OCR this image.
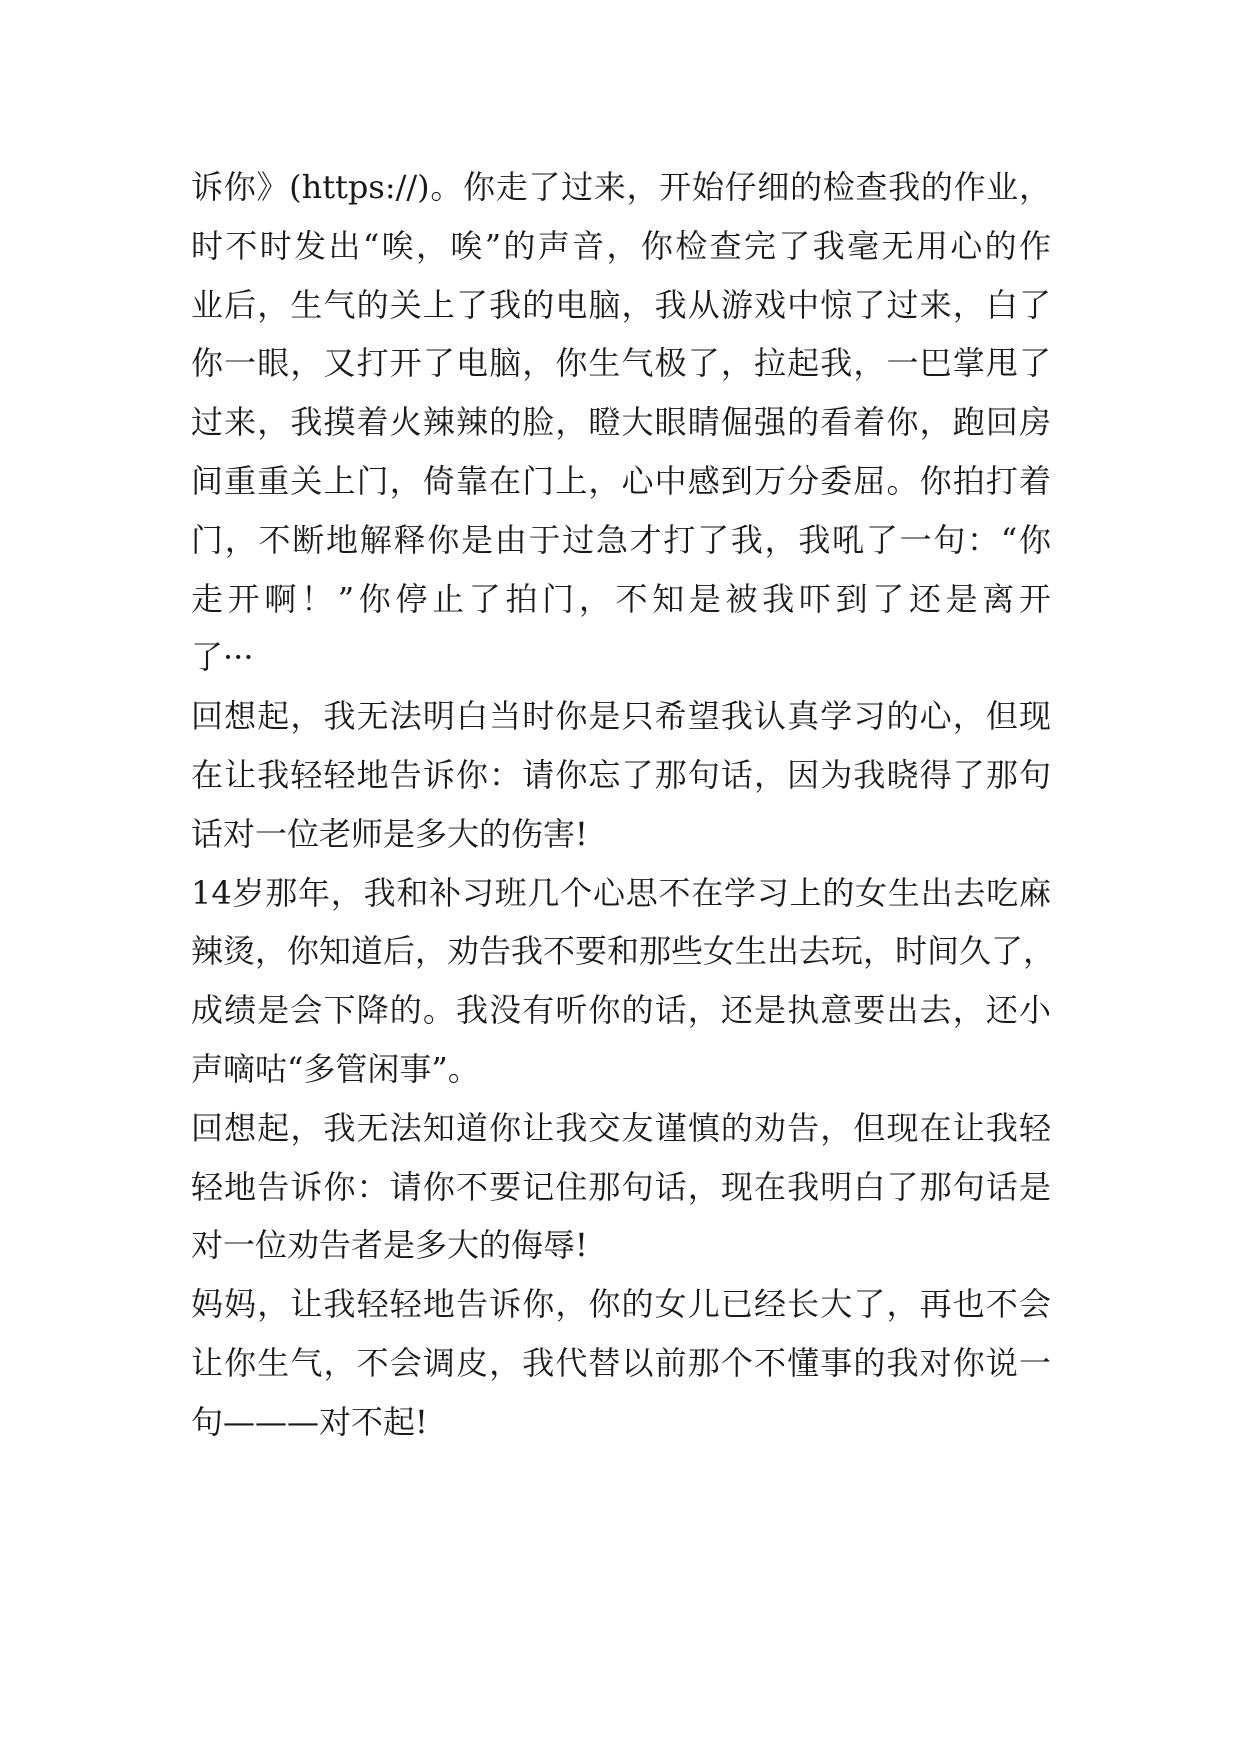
诉你》(https://)。你走了过来，开始仔细的检查我的作业，
时不时发出“唉，唉”的声音，你检查完了我毫无用心的作
业后，生气的关上了我的电脑，我从游戏中惊了过来，白了
你一眼，又打开了电脑，你生气极了，拉起我，一巴掌甩了
过来，我摸着火辣辣的脸，瞪大眼睛倔强的看着你，跑回房
间重重关上门，倚靠在门上，心中感到万分委屈。你拍打着
门，不断地解释你是由于过急才打了我，我吼了一句：“你
走开啊！”你停止了拍门，不知是被我吓到了还是离开
了···
回想起，我无法明白当时你是只希望我认真学习的心，但现
在让我轻轻地告诉你：请你忘了那句话，因为我晓得了那句
话对一位老师是多大的伤害!
14岁那年，我和补习班几个心思不在学习上的女生出去吃麻
辣烫，你知道后，劝告我不要和那些女生出去玩，时间久了，
成绩是会下降的。我没有听你的话，还是执意要出去，还小
声嘀咕“多管闲事”。
回想起，我无法知道你让我交友谨慎的劝告，但现在让我轻
轻地告诉你：请你不要记住那句话，现在我明白了那句话是
对一位劝告者是多大的侮辱!
妈妈，让我轻轻地告诉你，你的女儿已经长大了，再也不会
让你生气，不会调皮，我代替以前那个不懂事的我对你说一
句———对不起!
